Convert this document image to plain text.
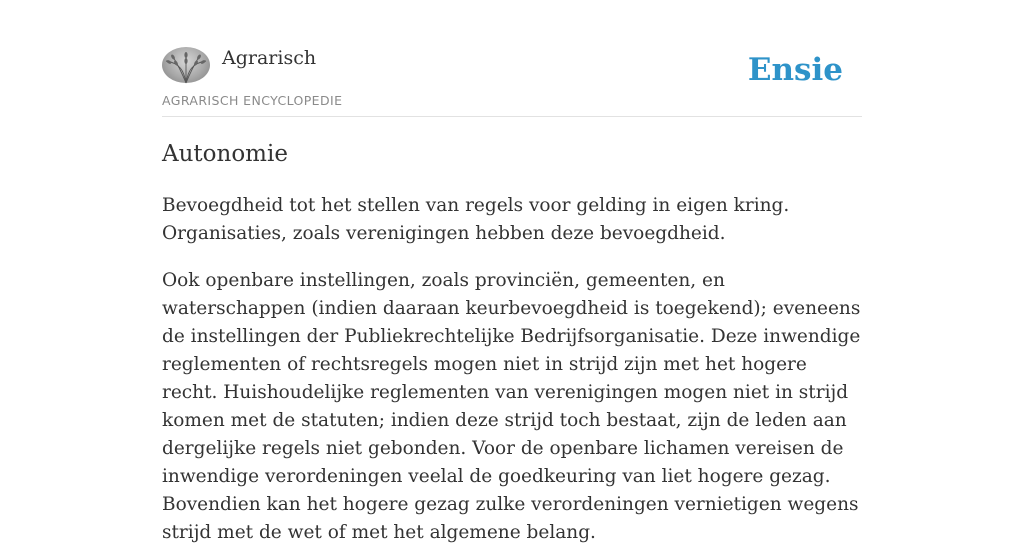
Agrarisch
AGRARISCH ENCYCLOPEDIE
Ensie
Autonomie

Bevoegdheid tot het stellen van regels voor gelding in eigen kring. Organisaties, zoals verenigingen hebben deze bevoegdheid.

Ook openbare instellingen, zoals provinciën, gemeenten, en waterschappen (indien daaraan keurbevoegdheid is toegekend); eveneens de instellingen der Publiekrechtelijke Bedrijfsorganisatie. Deze inwendige reglementen of rechtsregels mogen niet in strijd zijn met het hogere recht. Huishoudelijke reglementen van verenigingen mogen niet in strijd komen met de statuten; indien deze strijd toch bestaat, zijn de leden aan dergelijke regels niet gebonden. Voor de openbare lichamen vereisen de inwendige verordeningen veelal de goedkeuring van liet hogere gezag. Bovendien kan het hogere gezag zulke verordeningen vernietigen wegens strijd met de wet of met het algemene belang.
